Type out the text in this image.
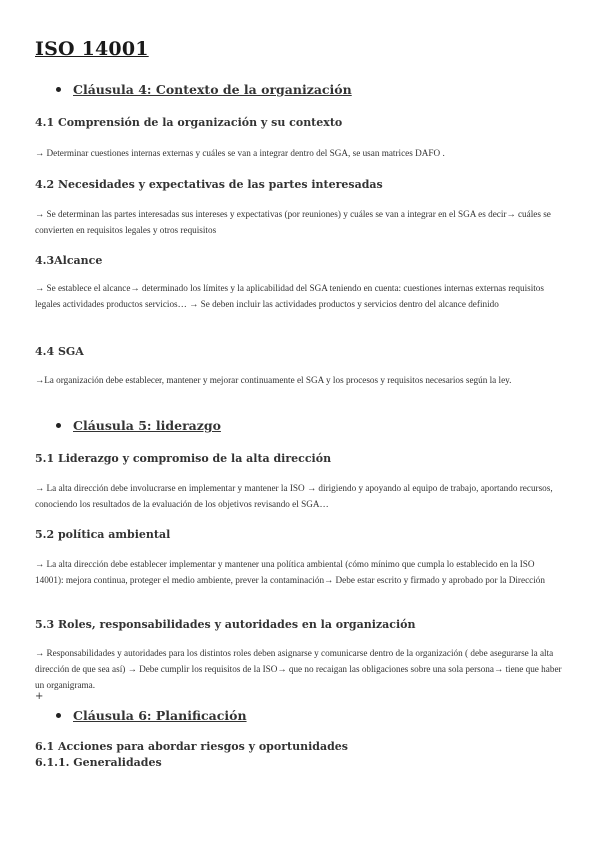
ISO 14001
Cláusula 4: Contexto de la organización
4.1 Comprensión de la organización y su contexto
→ Determinar cuestiones internas externas y cuáles se van a integrar dentro del SGA, se usan matrices DAFO .
4.2 Necesidades y expectativas de las partes interesadas
→ Se determinan las partes interesadas sus intereses y expectativas (por reuniones) y cuáles se van a integrar en el SGA es decir→ cuáles se convierten en requisitos legales y otros requisitos
4.3Alcance
→ Se establece el alcance→ determinado los límites y la aplicabilidad del SGA teniendo en cuenta: cuestiones internas externas requisitos legales actividades productos servicios… → Se deben incluir las actividades productos y servicios dentro del alcance definido
4.4 SGA
→La organización debe establecer, mantener y mejorar continuamente el SGA y los procesos y requisitos necesarios según la ley.
Cláusula 5: liderazgo
5.1 Liderazgo y compromiso de la alta dirección
→ La alta dirección debe involucrarse en implementar y mantener la ISO → dirigiendo y apoyando al equipo de trabajo, aportando recursos, conociendo los resultados de la evaluación de los objetivos revisando el SGA…
5.2 política ambiental
→ La alta dirección debe establecer implementar y mantener una política ambiental (cómo mínimo que cumpla lo establecido en la ISO 14001): mejora continua, proteger el medio ambiente, prever la contaminación→ Debe estar escrito y firmado y aprobado por la Dirección
5.3 Roles, responsabilidades y autoridades en la organización
→ Responsabilidades y autoridades para los distintos roles deben asignarse y comunicarse dentro de la organización ( debe asegurarse la alta dirección de que sea así) → Debe cumplir los requisitos de la ISO→ que no recaigan las obligaciones sobre una sola persona→ tiene que haber un organigrama.
+
Cláusula 6: Planificación
6.1 Acciones para abordar riesgos y oportunidades
6.1.1. Generalidades
